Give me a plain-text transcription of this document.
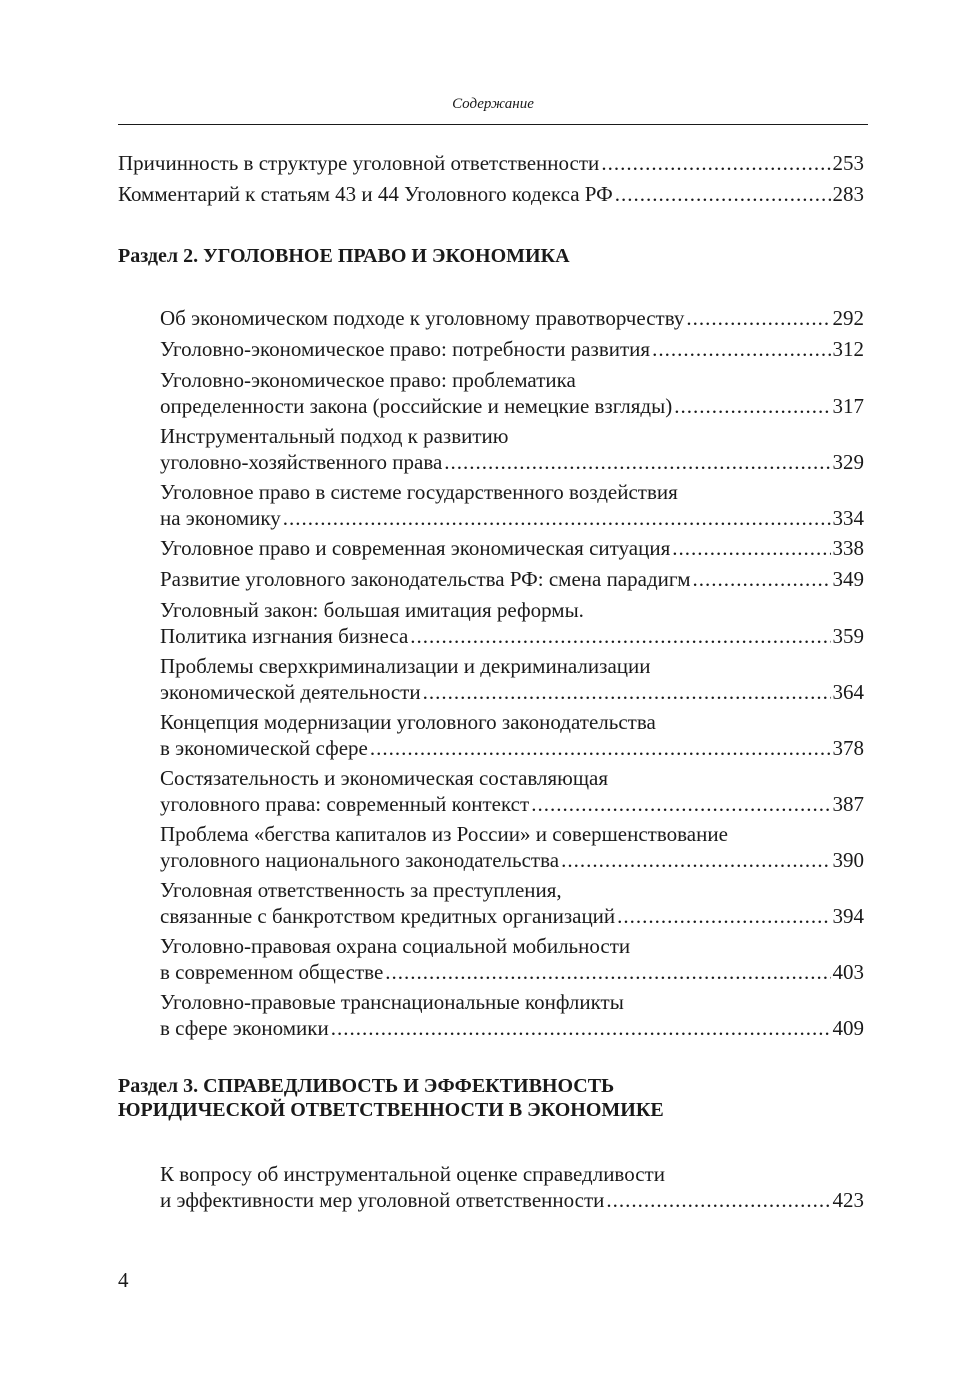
Содержание
Причинность в структуре уголовной ответственности .....	253
Комментарий к статьям 43 и 44 Уголовного кодекса РФ .....	283
Раздел 2. УГОЛОВНОЕ ПРАВО И ЭКОНОМИКА
Об экономическом подходе к уголовному правотворчеству .....	292
Уголовно-экономическое право: потребности развития .....	312
Уголовно-экономическое право: проблематика
определенности закона (российские и немецкие взгляды) .....	317
Инструментальный подход к развитию
уголовно-хозяйственного права .....	329
Уголовное право в системе государственного воздействия
на экономику .....	334
Уголовное право и современная экономическая ситуация .....	338
Развитие уголовного законодательства РФ: смена парадигм .....	349
Уголовный закон: большая имитация реформы.
Политика изгнания бизнеса .....	359
Проблемы сверхкриминализации и декриминализации
экономической деятельности .....	364
Концепция модернизации уголовного законодательства
в экономической сфере .....	378
Состязательность и экономическая составляющая
уголовного права: современный контекст .....	387
Проблема «бегства капиталов из России» и совершенствование
уголовного национального законодательства .....	390
Уголовная ответственность за преступления,
связанные с банкротством кредитных организаций .....	394
Уголовно-правовая охрана социальной мобильности
в современном обществе .....	403
Уголовно-правовые транснациональные конфликты
в сфере экономики .....	409
Раздел 3. СПРАВЕДЛИВОСТЬ И ЭФФЕКТИВНОСТЬ
ЮРИДИЧЕСКОЙ ОТВЕТСТВЕННОСТИ В ЭКОНОМИКЕ
К вопросу об инструментальной оценке справедливости
и эффективности мер уголовной ответственности .....	423
4
